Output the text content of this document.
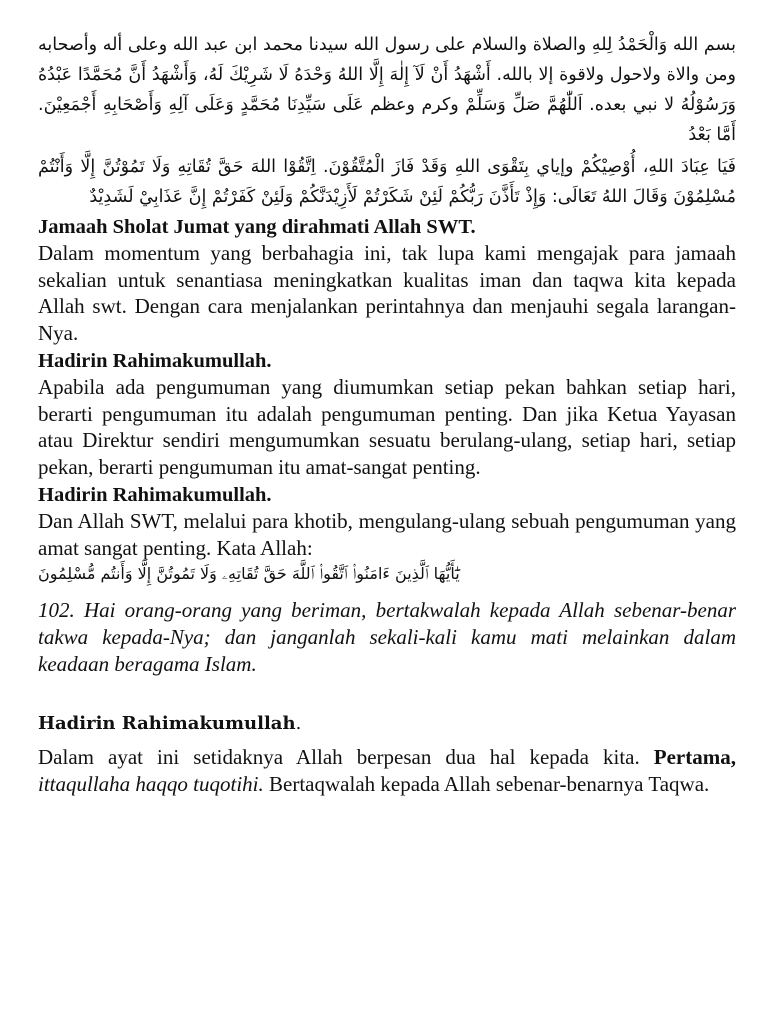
بسم الله وَالْحَمْدُ لِلهِ والصلاة والسلام على رسول الله سيدنا محمد ابن عبد الله وعلى أله وأصحابه ومن والاة ولاحول ولاقوة إلا بالله. أَشْهَدُ أَنْ لَآ إِلٰهَ إِلَّا اللهُ وَحْدَهُ لَا شَرِيْكَ لَهُ، وَأَشْهَدُ أَنَّ مُحَمَّدًا عَبْدُهُ وَرَسُوْلُهُ لا نبي بعده. اَللّٰهُمَّ صَلِّ وَسَلِّمْ وكرم وعظم عَلَى سَيِّدِنَا مُحَمَّدٍ وَعَلَى آلِهِ وَأَصْحَابِهِ أَجْمَعِيْنَ. أَمَّا بَعْدُ

فَيَا عِبَادَ اللهِ، أُوْصِيْكُمْ وإياي بِتَقْوَى اللهِ وَقَدْ فَازَ الْمُتَّقُوْنَ. اِتَّقُوْا اللهَ حَقَّ تُقَاتِهِ وَلَا تَمُوْتُنَّ إِلَّا وَأَنْتُمْ مُسْلِمُوْنَ وَقَالَ اللهُ تَعَالَى: وَإِذْ تَأَذَّنَ رَبُّكُمْ لَئِنْ شَكَرْتُمْ لَأَزِيْدَنَّكُمْ وَلَئِنْ كَفَرْتُمْ إِنَّ عَذَابِيْ لَشَدِيْدٌ

Jamaah Sholat Jumat yang dirahmati Allah SWT.

Dalam momentum yang berbahagia ini, tak lupa kami mengajak para jamaah sekalian untuk senantiasa meningkatkan kualitas iman dan taqwa kita kepada Allah swt. Dengan cara menjalankan perintahnya dan menjauhi segala larangan-Nya.

Hadirin Rahimakumullah.

Apabila ada pengumuman yang diumumkan setiap pekan bahkan setiap hari, berarti pengumuman itu adalah pengumuman penting. Dan jika Ketua Yayasan atau Direktur sendiri mengumumkan sesuatu berulang-ulang, setiap hari, setiap pekan, berarti pengumuman itu amat-sangat penting.

Hadirin Rahimakumullah.

Dan Allah SWT, melalui para khotib, mengulang-ulang sebuah pengumuman yang amat sangat penting. Kata Allah:

يَٰٓأَيُّهَا ٱلَّذِينَ ءَامَنُوا۟ ٱتَّقُوا۟ ٱللَّهَ حَقَّ تُقَاتِهِۦ وَلَا تَمُوتُنَّ إِلَّا وَأَنتُم مُّسْلِمُونَ

102. Hai orang-orang yang beriman, bertakwalah kepada Allah sebenar-benar takwa kepada-Nya; dan janganlah sekali-kali kamu mati melainkan dalam keadaan beragama Islam.

Hadirin Rahimakumullah.

Dalam ayat ini setidaknya Allah berpesan dua hal kepada kita. Pertama, ittaqullaha haqqo tuqotihi. Bertaqwalah kepada Allah sebenar-benarnya Taqwa.
